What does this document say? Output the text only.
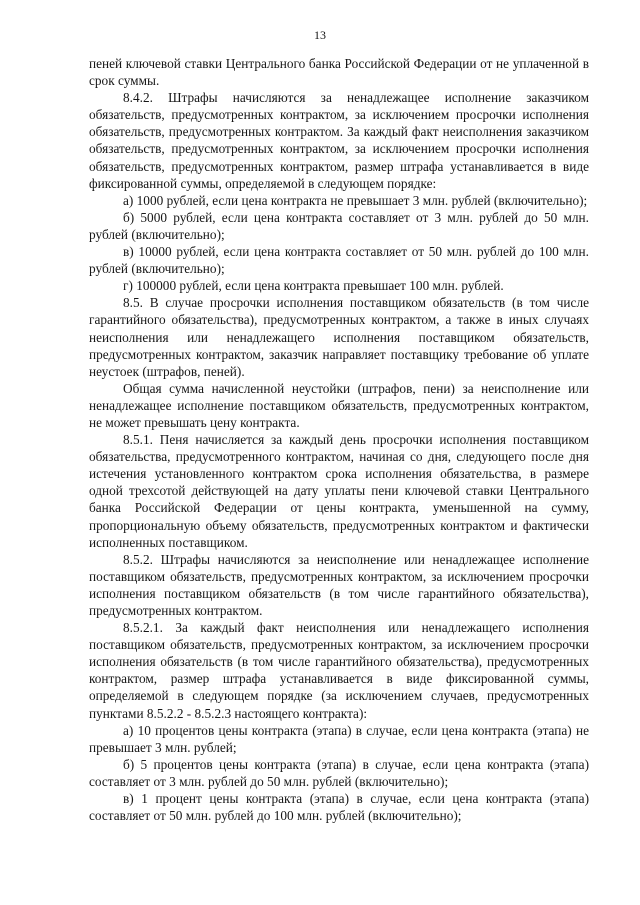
13

пеней ключевой ставки Центрального банка Российской Федерации от не уплаченной в срок суммы.

8.4.2. Штрафы начисляются за ненадлежащее исполнение заказчиком обязательств, предусмотренных контрактом, за исключением просрочки исполнения обязательств, предусмотренных контрактом. За каждый факт неисполнения заказчиком обязательств, предусмотренных контрактом, за исключением просрочки исполнения обязательств, предусмотренных контрактом, размер штрафа устанавливается в виде фиксированной суммы, определяемой в следующем порядке:

а) 1000 рублей, если цена контракта не превышает 3 млн. рублей (включительно);

б) 5000 рублей, если цена контракта составляет от 3 млн. рублей до 50 млн. рублей (включительно);

в) 10000 рублей, если цена контракта составляет от 50 млн. рублей до 100 млн. рублей (включительно);

г) 100000 рублей, если цена контракта превышает 100 млн. рублей.

8.5. В случае просрочки исполнения поставщиком обязательств (в том числе гарантийного обязательства), предусмотренных контрактом, а также в иных случаях неисполнения или ненадлежащего исполнения поставщиком обязательств, предусмотренных контрактом, заказчик направляет поставщику требование об уплате неустоек (штрафов, пеней).

Общая сумма начисленной неустойки (штрафов, пени) за неисполнение или ненадлежащее исполнение поставщиком обязательств, предусмотренных контрактом, не может превышать цену контракта.

8.5.1. Пеня начисляется за каждый день просрочки исполнения поставщиком обязательства, предусмотренного контрактом, начиная со дня, следующего после дня истечения установленного контрактом срока исполнения обязательства, в размере одной трехсотой действующей на дату уплаты пени ключевой ставки Центрального банка Российской Федерации от цены контракта, уменьшенной на сумму, пропорциональную объему обязательств, предусмотренных контрактом и фактически исполненных поставщиком.

8.5.2. Штрафы начисляются за неисполнение или ненадлежащее исполнение поставщиком обязательств, предусмотренных контрактом, за исключением просрочки исполнения поставщиком обязательств (в том числе гарантийного обязательства), предусмотренных контрактом.

8.5.2.1. За каждый факт неисполнения или ненадлежащего исполнения поставщиком обязательств, предусмотренных контрактом, за исключением просрочки исполнения обязательств (в том числе гарантийного обязательства), предусмотренных контрактом, размер штрафа устанавливается в виде фиксированной суммы, определяемой в следующем порядке (за исключением случаев, предусмотренных пунктами 8.5.2.2 - 8.5.2.3 настоящего контракта):

а) 10 процентов цены контракта (этапа) в случае, если цена контракта (этапа) не превышает 3 млн. рублей;

б) 5 процентов цены контракта (этапа) в случае, если цена контракта (этапа) составляет от 3 млн. рублей до 50 млн. рублей (включительно);

в) 1 процент цены контракта (этапа) в случае, если цена контракта (этапа) составляет от 50 млн. рублей до 100 млн. рублей (включительно);
